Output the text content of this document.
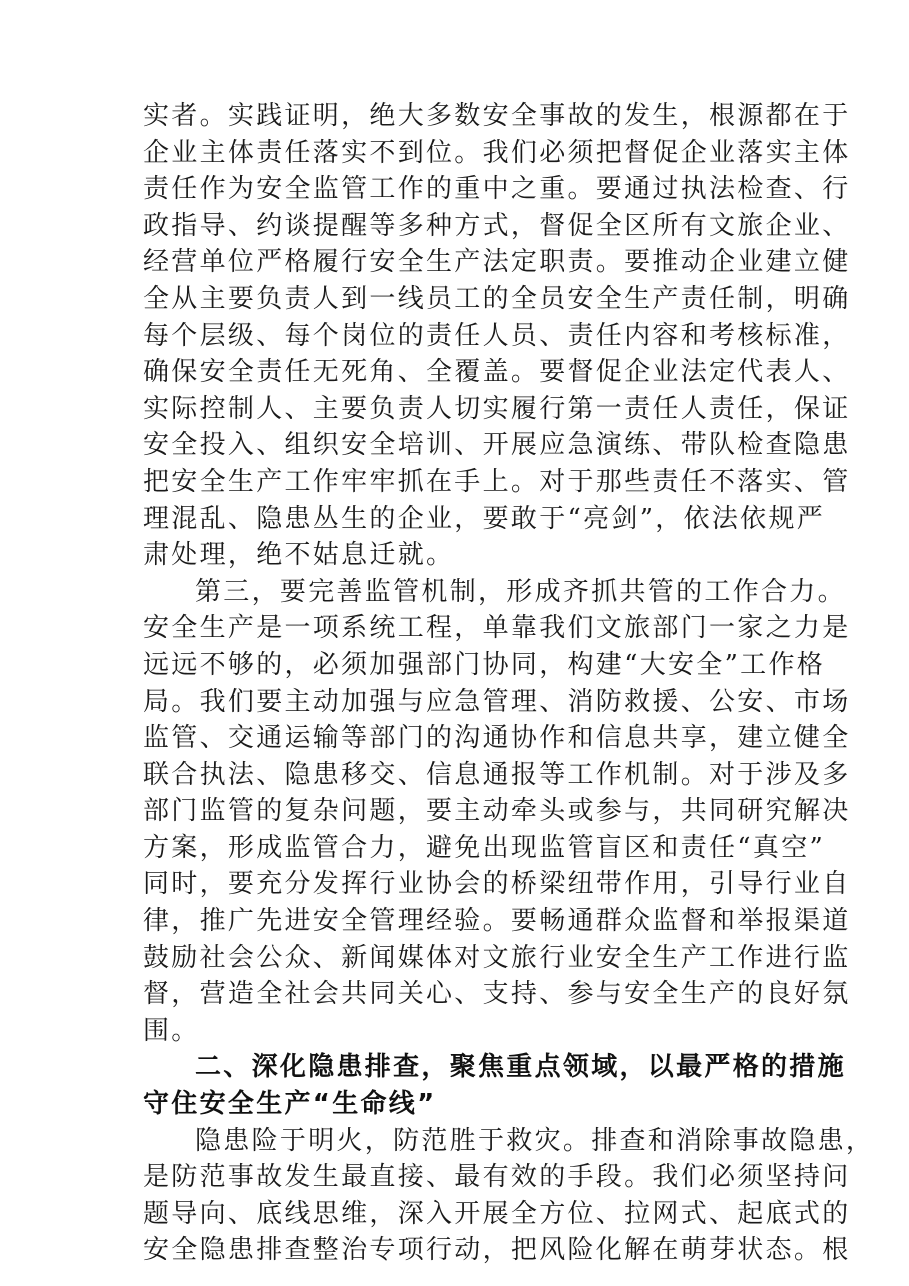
实者。实践证明，绝大多数安全事故的发生，根源都在于
企业主体责任落实不到位。我们必须把督促企业落实主体
责任作为安全监管工作的重中之重。要通过执法检查、行
政指导、约谈提醒等多种方式，督促全区所有文旅企业、
经营单位严格履行安全生产法定职责。要推动企业建立健
全从主要负责人到一线员工的全员安全生产责任制，明确
每个层级、每个岗位的责任人员、责任内容和考核标准，
确保安全责任无死角、全覆盖。要督促企业法定代表人、
实际控制人、主要负责人切实履行第一责任人责任，保证
安全投入、组织安全培训、开展应急演练、带队检查隐患
把安全生产工作牢牢抓在手上。对于那些责任不落实、管
理混乱、隐患丛生的企业，要敢于“亮剑”，依法依规严
肃处理，绝不姑息迁就。
第三，要完善监管机制，形成齐抓共管的工作合力。
安全生产是一项系统工程，单靠我们文旅部门一家之力是
远远不够的，必须加强部门协同，构建“大安全”工作格
局。我们要主动加强与应急管理、消防救援、公安、市场
监管、交通运输等部门的沟通协作和信息共享，建立健全
联合执法、隐患移交、信息通报等工作机制。对于涉及多
部门监管的复杂问题，要主动牵头或参与，共同研究解决
方案，形成监管合力，避免出现监管盲区和责任“真空”
同时，要充分发挥行业协会的桥梁纽带作用，引导行业自
律，推广先进安全管理经验。要畅通群众监督和举报渠道
鼓励社会公众、新闻媒体对文旅行业安全生产工作进行监
督，营造全社会共同关心、支持、参与安全生产的良好氛
围。
二、深化隐患排查，聚焦重点领域，以最严格的措施
守住安全生产“生命线”
隐患险于明火，防范胜于救灾。排查和消除事故隐患，
是防范事故发生最直接、最有效的手段。我们必须坚持问
题导向、底线思维，深入开展全方位、拉网式、起底式的
安全隐患排查整治专项行动，把风险化解在萌芽状态。根
